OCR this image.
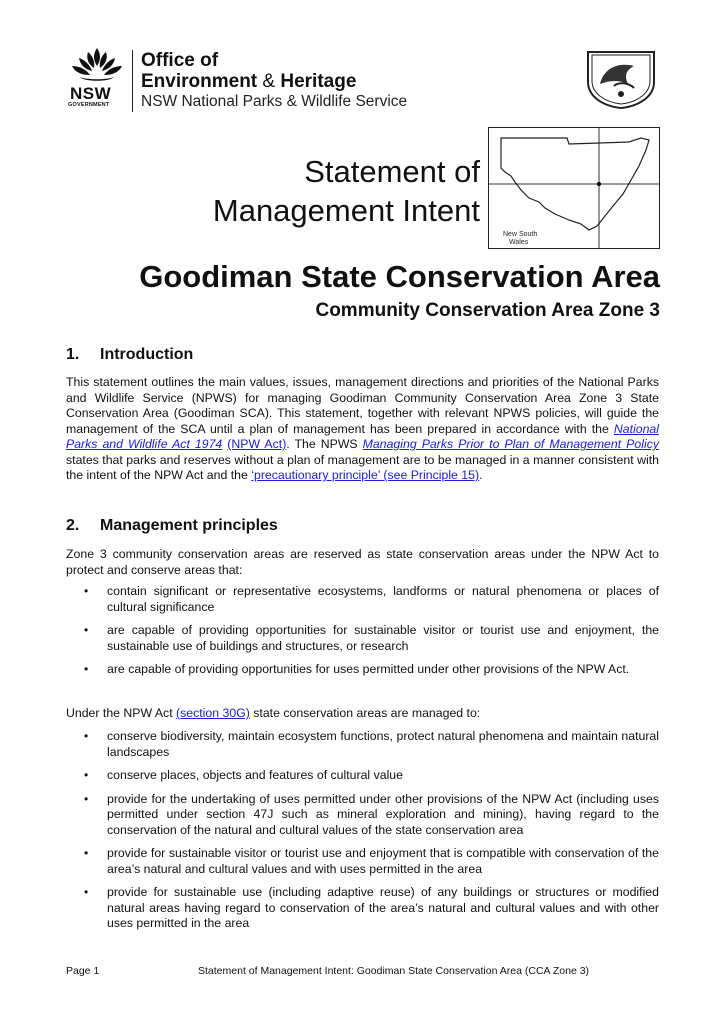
NSW
GOVERNMENT
Office of
Environment & Heritage
NSW National Parks & Wildlife Service
Statement of
Management Intent
New South
Wales
Goodiman State Conservation Area
Community Conservation Area Zone 3
1. Introduction
This statement outlines the main values, issues, management directions and priorities of the National Parks and Wildlife Service (NPWS) for managing Goodiman Community Conservation Area Zone 3 State Conservation Area (Goodiman SCA). This statement, together with relevant NPWS policies, will guide the management of the SCA until a plan of management has been prepared in accordance with the National Parks and Wildlife Act 1974 (NPW Act). The NPWS Managing Parks Prior to Plan of Management Policy states that parks and reserves without a plan of management are to be managed in a manner consistent with the intent of the NPW Act and the ‘precautionary principle’ (see Principle 15).
2. Management principles
Zone 3 community conservation areas are reserved as state conservation areas under the NPW Act to protect and conserve areas that:
• contain significant or representative ecosystems, landforms or natural phenomena or places of cultural significance
• are capable of providing opportunities for sustainable visitor or tourist use and enjoyment, the sustainable use of buildings and structures, or research
• are capable of providing opportunities for uses permitted under other provisions of the NPW Act.
Under the NPW Act (section 30G) state conservation areas are managed to:
• conserve biodiversity, maintain ecosystem functions, protect natural phenomena and maintain natural landscapes
• conserve places, objects and features of cultural value
• provide for the undertaking of uses permitted under other provisions of the NPW Act (including uses permitted under section 47J such as mineral exploration and mining), having regard to the conservation of the natural and cultural values of the state conservation area
• provide for sustainable visitor or tourist use and enjoyment that is compatible with conservation of the area’s natural and cultural values and with uses permitted in the area
• provide for sustainable use (including adaptive reuse) of any buildings or structures or modified natural areas having regard to conservation of the area’s natural and cultural values and with other uses permitted in the area
Page 1	Statement of Management Intent: Goodiman State Conservation Area (CCA Zone 3)
